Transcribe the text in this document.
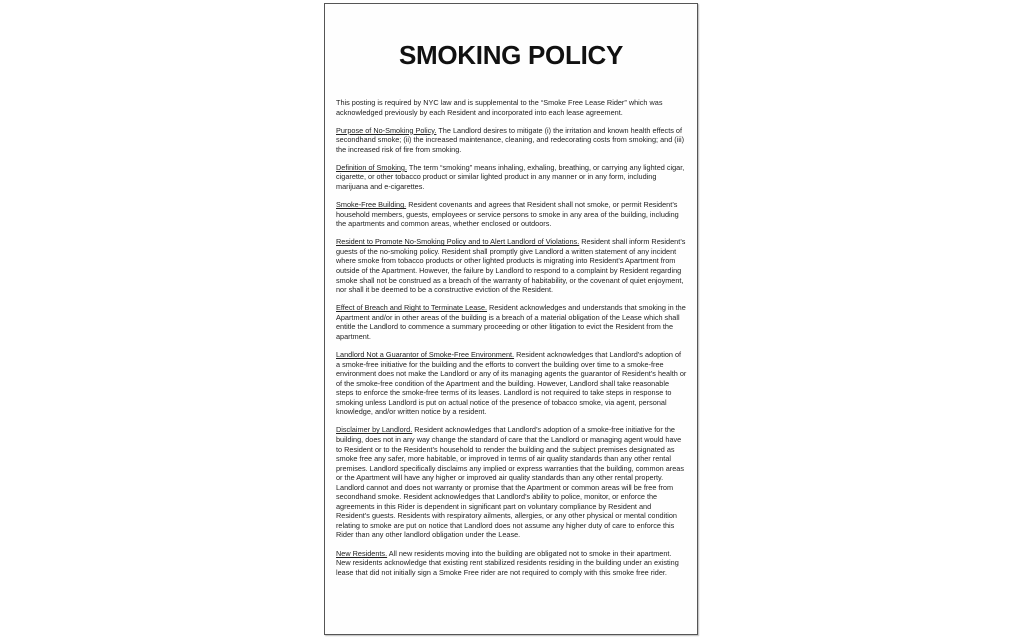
SMOKING POLICY

This posting is required by NYC law and is supplemental to the “Smoke Free Lease Rider” which was acknowledged previously by each Resident and incorporated into each lease agreement.

Purpose of No-Smoking Policy. The Landlord desires to mitigate (i) the irritation and known health effects of secondhand smoke; (ii) the increased maintenance, cleaning, and redecorating costs from smoking; and (iii) the increased risk of fire from smoking.

Definition of Smoking. The term “smoking” means inhaling, exhaling, breathing, or carrying any lighted cigar, cigarette, or other tobacco product or similar lighted product in any manner or in any form, including marijuana and e-cigarettes.

Smoke-Free Building. Resident covenants and agrees that Resident shall not smoke, or permit Resident’s household members, guests, employees or service persons to smoke in any area of the building, including the apartments and common areas, whether enclosed or outdoors.

Resident to Promote No-Smoking Policy and to Alert Landlord of Violations. Resident shall inform Resident’s guests of the no-smoking policy. Resident shall promptly give Landlord a written statement of any incident where smoke from tobacco products or other lighted products is migrating into Resident’s Apartment from outside of the Apartment. However, the failure by Landlord to respond to a complaint by Resident regarding smoke shall not be construed as a breach of the warranty of habitability, or the covenant of quiet enjoyment, nor shall it be deemed to be a constructive eviction of the Resident.

Effect of Breach and Right to Terminate Lease. Resident acknowledges and understands that smoking in the Apartment and/or in other areas of the building is a breach of a material obligation of the Lease which shall entitle the Landlord to commence a summary proceeding or other litigation to evict the Resident from the apartment.

Landlord Not a Guarantor of Smoke-Free Environment. Resident acknowledges that Landlord’s adoption of a smoke-free initiative for the building and the efforts to convert the building over time to a smoke-free environment does not make the Landlord or any of its managing agents the guarantor of Resident’s health or of the smoke-free condition of the Apartment and the building. However, Landlord shall take reasonable steps to enforce the smoke-free terms of its leases. Landlord is not required to take steps in response to smoking unless Landlord is put on actual notice of the presence of tobacco smoke, via agent, personal knowledge, and/or written notice by a resident.

Disclaimer by Landlord. Resident acknowledges that Landlord’s adoption of a smoke-free initiative for the building, does not in any way change the standard of care that the Landlord or managing agent would have to Resident or to the Resident’s household to render the building and the subject premises designated as smoke free any safer, more habitable, or improved in terms of air quality standards than any other rental premises. Landlord specifically disclaims any implied or express warranties that the building, common areas or the Apartment will have any higher or improved air quality standards than any other rental property. Landlord cannot and does not warranty or promise that the Apartment or common areas will be free from secondhand smoke. Resident acknowledges that Landlord’s ability to police, monitor, or enforce the agreements in this Rider is dependent in significant part on voluntary compliance by Resident and Resident’s guests. Residents with respiratory ailments, allergies, or any other physical or mental condition relating to smoke are put on notice that Landlord does not assume any higher duty of care to enforce this Rider than any other landlord obligation under the Lease.

New Residents. All new residents moving into the building are obligated not to smoke in their apartment. New residents acknowledge that existing rent stabilized residents residing in the building under an existing lease that did not initially sign a Smoke Free rider are not required to comply with this smoke free rider.
